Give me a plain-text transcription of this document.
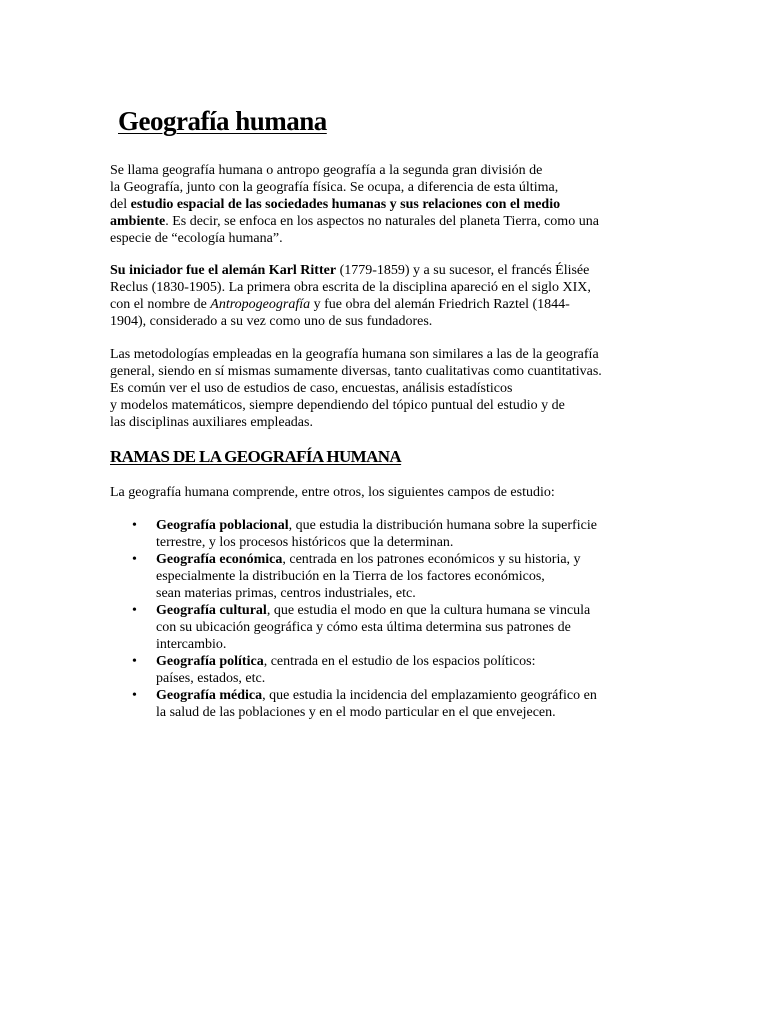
Geografía humana

Se llama geografía humana o antropo geografía a la segunda gran división de
la Geografía, junto con la geografía física. Se ocupa, a diferencia de esta última,
del estudio espacial de las sociedades humanas y sus relaciones con el medio
ambiente. Es decir, se enfoca en los aspectos no naturales del planeta Tierra, como una
especie de “ecología humana”.

Su iniciador fue el alemán Karl Ritter (1779-1859) y a su sucesor, el francés Élisée
Reclus (1830-1905). La primera obra escrita de la disciplina apareció en el siglo XIX,
con el nombre de Antropogeografía y fue obra del alemán Friedrich Raztel (1844-
1904), considerado a su vez como uno de sus fundadores.

Las metodologías empleadas en la geografía humana son similares a las de la geografía
general, siendo en sí mismas sumamente diversas, tanto cualitativas como cuantitativas.
Es común ver el uso de estudios de caso, encuestas, análisis estadísticos
y modelos matemáticos, siempre dependiendo del tópico puntual del estudio y de
las disciplinas auxiliares empleadas.

RAMAS DE LA GEOGRAFÍA HUMANA

La geografía humana comprende, entre otros, los siguientes campos de estudio:

• Geografía poblacional, que estudia la distribución humana sobre la superficie
terrestre, y los procesos históricos que la determinan.
• Geografía económica, centrada en los patrones económicos y su historia, y
especialmente la distribución en la Tierra de los factores económicos,
sean materias primas, centros industriales, etc.
• Geografía cultural, que estudia el modo en que la cultura humana se vincula
con su ubicación geográfica y cómo esta última determina sus patrones de
intercambio.
• Geografía política, centrada en el estudio de los espacios políticos:
países, estados, etc.
• Geografía médica, que estudia la incidencia del emplazamiento geográfico en
la salud de las poblaciones y en el modo particular en el que envejecen.
